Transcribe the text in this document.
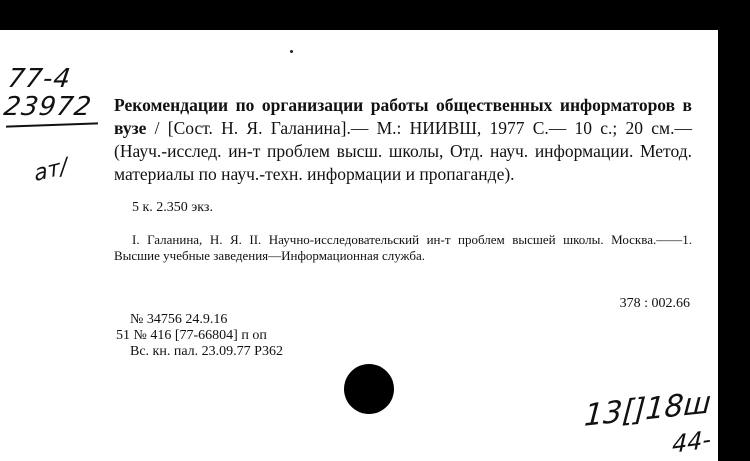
77-4
23972
ат/
Рекомендации по организации работы общественных информаторов в вузе / [Сост. Н. Я. Галанина].— М.: НИИВШ, 1977 С.— 10 с.; 20 см.— (Науч.-исслед. ин-т проблем высш. школы, Отд. науч. информации. Метод. материалы по науч.-техн. информации и пропаганде).
5 к. 2.350 экз.
I. Галанина, Н. Я. II. Научно-исследовательский ин-т проблем высшей школы. Москва.——1. Высшие учебные заведения—Информационная служба.
378 : 002.66
№ 34756 24.9.16
51 № 416 [77-66804] п оп
Вс. кн. пал. 23.09.77 Р362
13[]18ш
44-
